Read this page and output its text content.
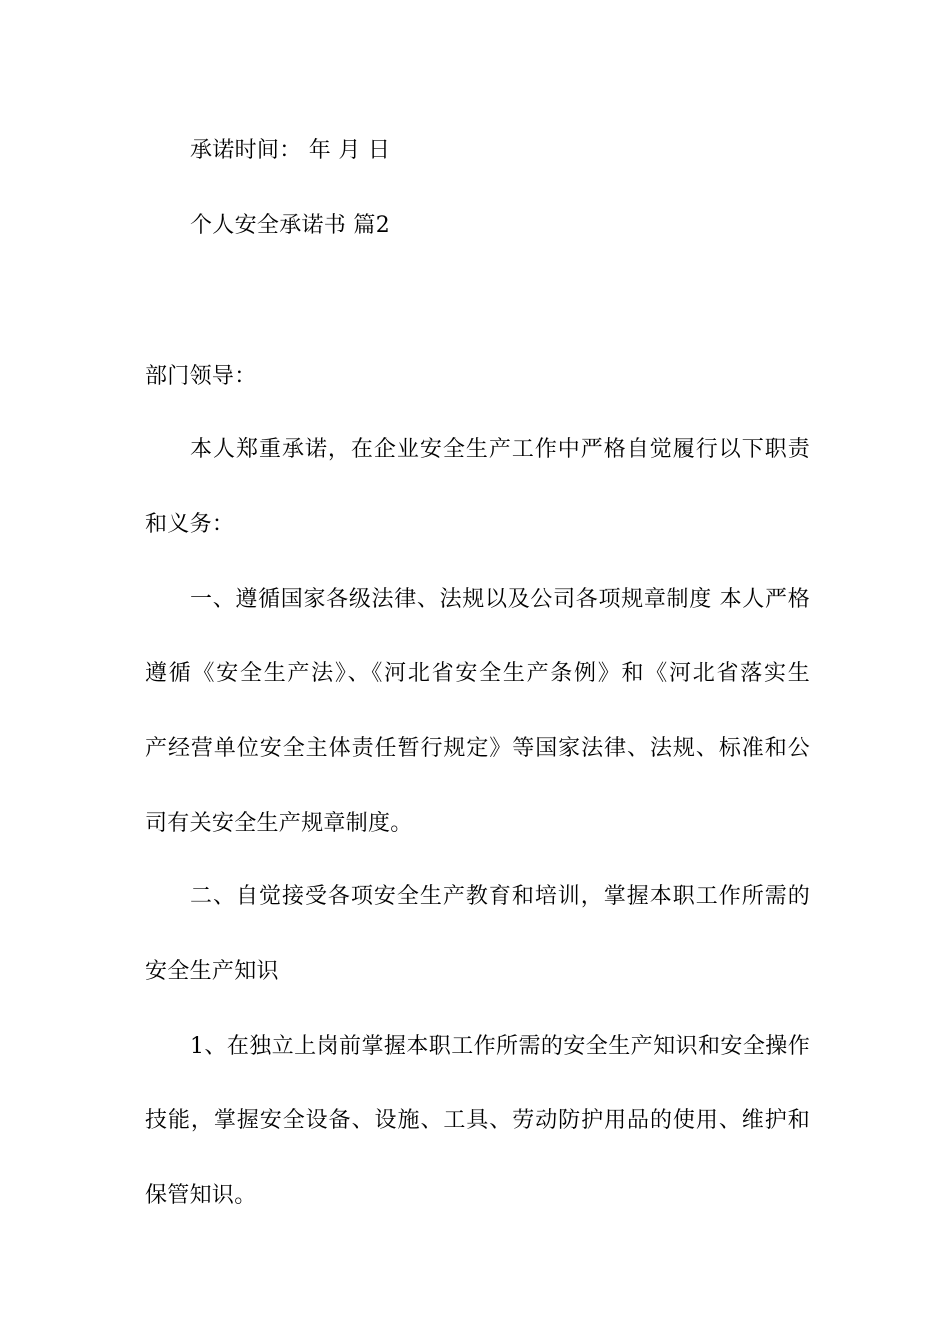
承诺时间： 年 月 日
个人安全承诺书 篇2
部门领导：
本人郑重承诺，在企业安全生产工作中严格自觉履行以下职责
和义务：
一、遵循国家各级法律、法规以及公司各项规章制度 本人严格
遵循《安全生产法》、《河北省安全生产条例》和《河北省落实生
产经营单位安全主体责任暂行规定》等国家法律、法规、标准和公
司有关安全生产规章制度。
二、自觉接受各项安全生产教育和培训，掌握本职工作所需的
安全生产知识
1、在独立上岗前掌握本职工作所需的安全生产知识和安全操作
技能，掌握安全设备、设施、工具、劳动防护用品的使用、维护和
保管知识。
